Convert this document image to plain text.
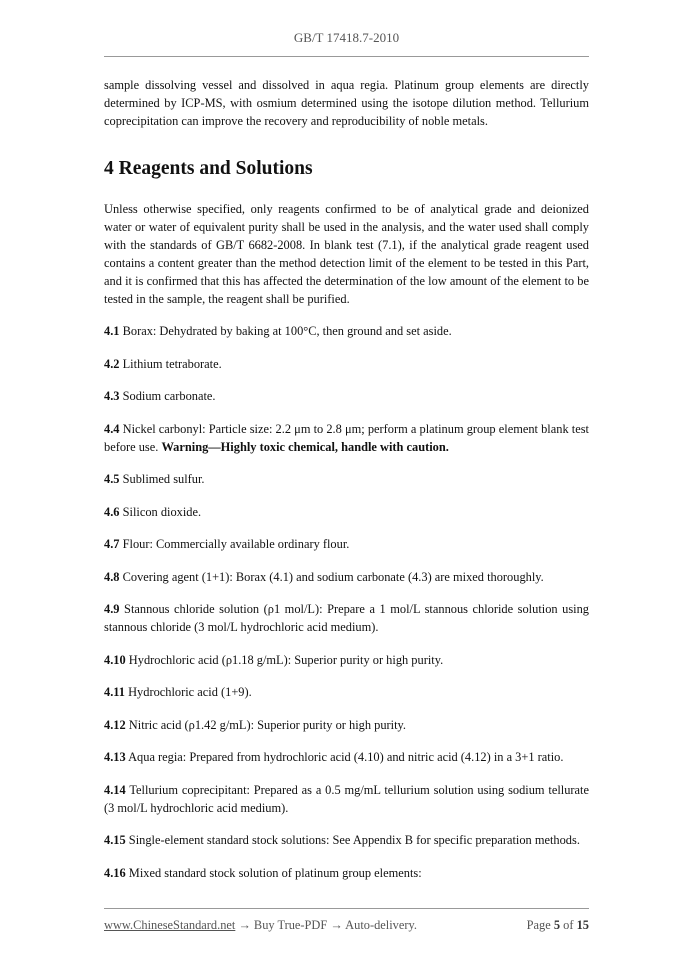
GB/T 17418.7-2010

sample dissolving vessel and dissolved in aqua regia. Platinum group elements are directly determined by ICP-MS, with osmium determined using the isotope dilution method. Tellurium coprecipitation can improve the recovery and reproducibility of noble metals.

4 Reagents and Solutions

Unless otherwise specified, only reagents confirmed to be of analytical grade and deionized water or water of equivalent purity shall be used in the analysis, and the water used shall comply with the standards of GB/T 6682-2008. In blank test (7.1), if the analytical grade reagent used contains a content greater than the method detection limit of the element to be tested in this Part, and it is confirmed that this has affected the determination of the low amount of the element to be tested in the sample, the reagent shall be purified.

4.1 Borax: Dehydrated by baking at 100°C, then ground and set aside.

4.2 Lithium tetraborate.

4.3 Sodium carbonate.

4.4 Nickel carbonyl: Particle size: 2.2 μm to 2.8 μm; perform a platinum group element blank test before use. Warning—Highly toxic chemical, handle with caution.

4.5 Sublimed sulfur.

4.6 Silicon dioxide.

4.7 Flour: Commercially available ordinary flour.

4.8 Covering agent (1+1): Borax (4.1) and sodium carbonate (4.3) are mixed thoroughly.

4.9 Stannous chloride solution (ρ1 mol/L): Prepare a 1 mol/L stannous chloride solution using stannous chloride (3 mol/L hydrochloric acid medium).

4.10 Hydrochloric acid (ρ1.18 g/mL): Superior purity or high purity.

4.11 Hydrochloric acid (1+9).

4.12 Nitric acid (ρ1.42 g/mL): Superior purity or high purity.

4.13 Aqua regia: Prepared from hydrochloric acid (4.10) and nitric acid (4.12) in a 3+1 ratio.

4.14 Tellurium coprecipitant: Prepared as a 0.5 mg/mL tellurium solution using sodium tellurate (3 mol/L hydrochloric acid medium).

4.15 Single-element standard stock solutions: See Appendix B for specific preparation methods.

4.16 Mixed standard stock solution of platinum group elements:

www.ChineseStandard.net → Buy True-PDF → Auto-delivery.	Page 5 of 15
